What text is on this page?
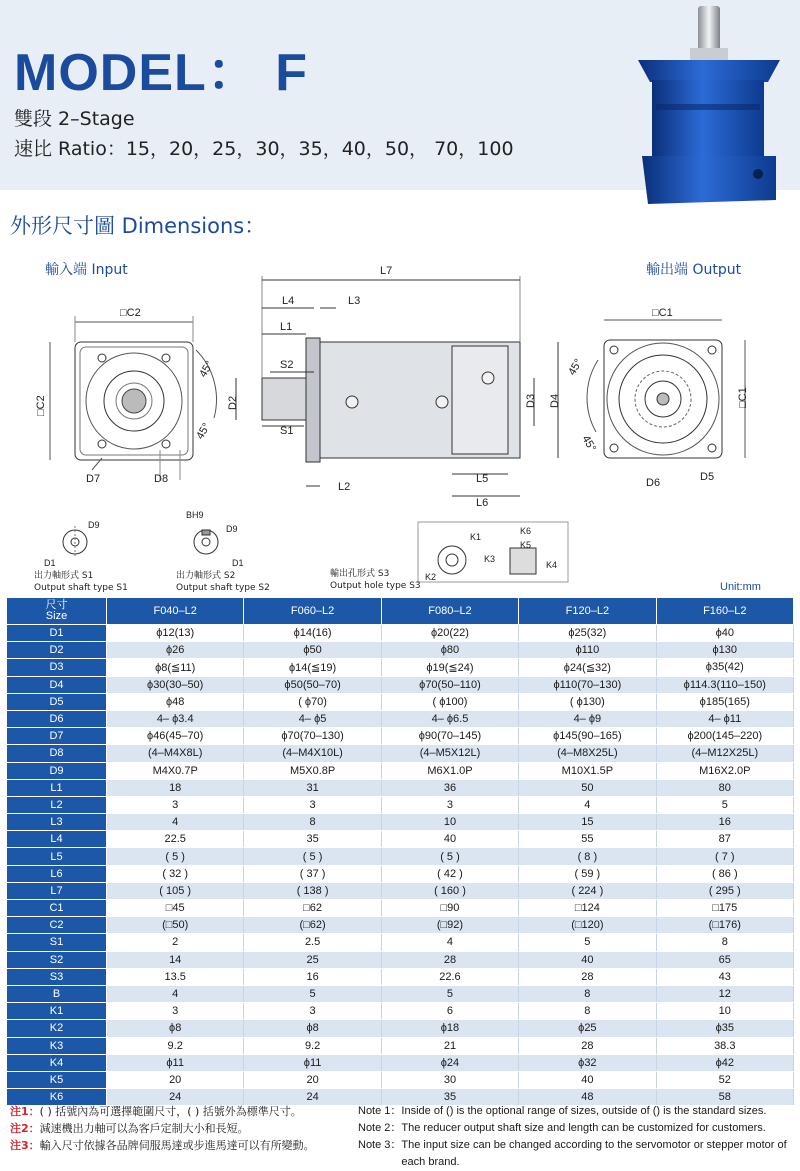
MODEL： F
雙段 2–Stage
速比 Ratio：15，20，25，30，35，40，50， 70，100
外形尺寸圖 Dimensions：
輸入端 Input
□C2
□C2
45°
45°
D7	D8
L7
L4	L3
L1
S2
S1
D2
L2
L5
L6
D3 D4
輸出端 Output
□C1
□C1
45°
45°
D5
D6
D9
D1
出力軸形式 S1
Output shaft type S1
BH9
D9
D1
出力軸形式 S2
Output shaft type S2
K1
K2
K3
K4
K5
K6
輸出孔形式 S3
Output hole type S3	Unit:mm
尺寸
Size	F040–L2	F060–L2	F080–L2	F120–L2	F160–L2
D1	ϕ12(13)	ϕ14(16)	ϕ20(22)	ϕ25(32)	ϕ40
D2	ϕ26	ϕ50	ϕ80	ϕ110	ϕ130
D3	ϕ8(≦11)	ϕ14(≦19)	ϕ19(≦24)	ϕ24(≦32)	ϕ35(42)
D4	ϕ30(30–50)	ϕ50(50–70)	ϕ70(50–110)	ϕ110(70–130)	ϕ114.3(110–150)
D5	ϕ48	( ϕ70)	( ϕ100)	( ϕ130)	ϕ185(165)
D6	4– ϕ3.4	4– ϕ5	4– ϕ6.5	4– ϕ9	4– ϕ11
D7	ϕ46(45–70)	ϕ70(70–130)	ϕ90(70–145)	ϕ145(90–165)	ϕ200(145–220)
D8	(4–M4X8L)	(4–M4X10L)	(4–M5X12L)	(4–M8X25L)	(4–M12X25L)
D9	M4X0.7P	M5X0.8P	M6X1.0P	M10X1.5P	M16X2.0P
L1	18	31	36	50	80
L2	3	3	3	4	5
L3	4	8	10	15	16
L4	22.5	35	40	55	87
L5	( 5 )	( 5 )	( 5 )	( 8 )	( 7 )
L6	( 32 )	( 37 )	( 42 )	( 59 )	( 86 )
L7	( 105 )	( 138 )	( 160 )	( 224 )	( 295 )
C1	□45	□62	□90	□124	□175
C2	(□50)	(□62)	(□92)	(□120)	(□176)
S1	2	2.5	4	5	8
S2	14	25	28	40	65
S3	13.5	16	22.6	28	43
B	4	5	5	8	12
K1	3	3	6	8	10
K2	ϕ8	ϕ8	ϕ18	ϕ25	ϕ35
K3	9.2	9.2	21	28	38.3
K4	ϕ11	ϕ11	ϕ24	ϕ32	ϕ42
K5	20	20	30	40	52
K6	24	24	35	48	58
注1： ( ) 括號內為可選擇範圍尺寸，( ) 括號外為標準尺寸。
注2： 減速機出力軸可以為客戶定制大小和長短。
注3： 輸入尺寸依據各品牌伺服馬達或步進馬達可以有所變動。
Note 1： Inside of () is the optional range of sizes, outside of () is the standard sizes.
Note 2： The reducer output shaft size and length can be customized for customers.
Note 3： The input size can be changed according to the servomotor or stepper motor of each brand.
